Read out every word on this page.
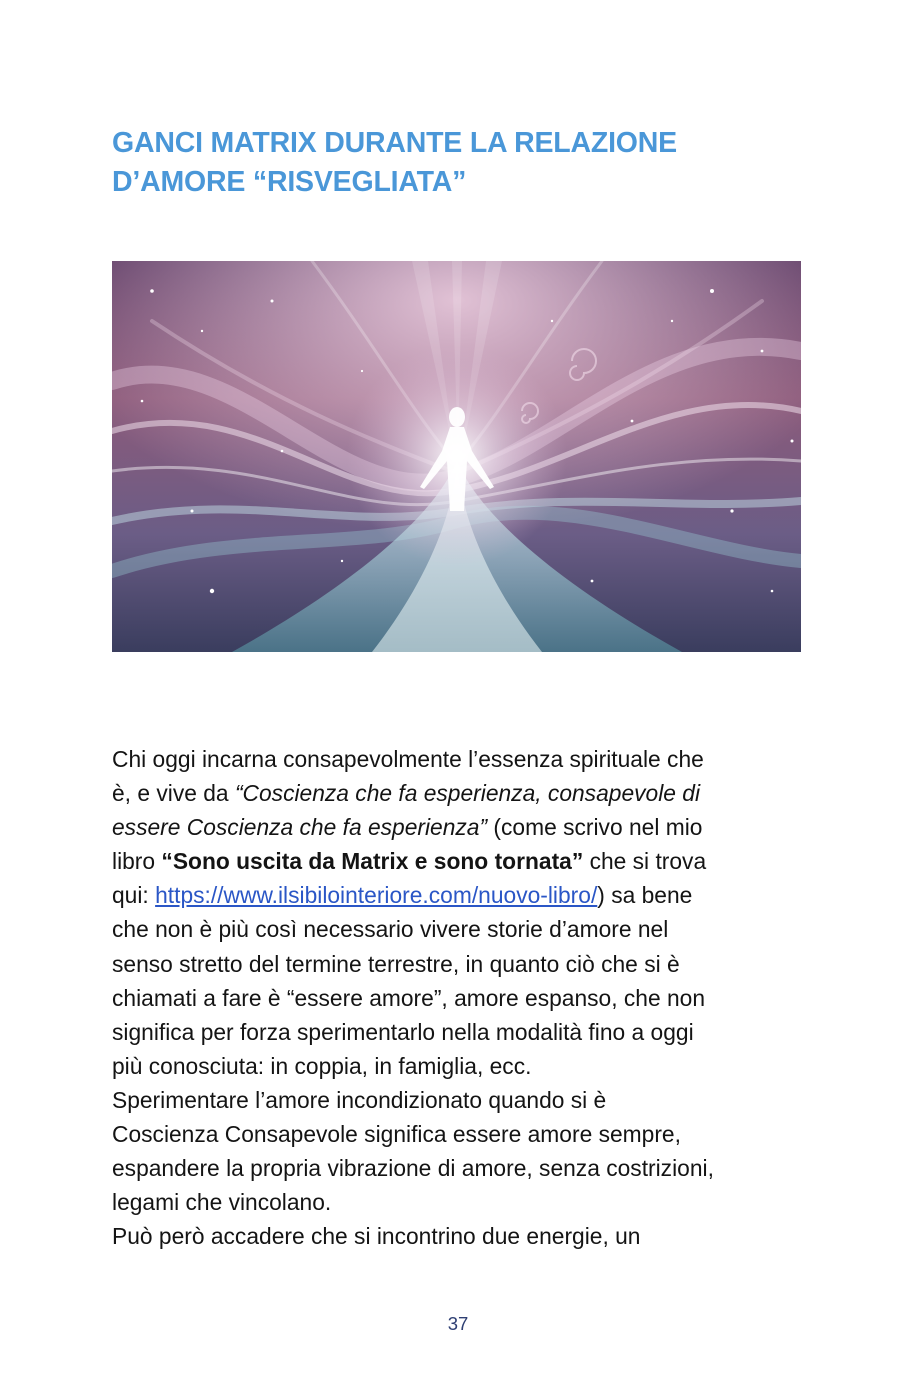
GANCI MATRIX DURANTE LA RELAZIONE
D’AMORE “RISVEGLIATA”
Chi oggi incarna consapevolmente l’essenza spirituale che
è, e vive da “Coscienza che fa esperienza, consapevole di
essere Coscienza che fa esperienza” (come scrivo nel mio
libro “Sono uscita da Matrix e sono tornata” che si trova
qui: https://www.ilsibilointeriore.com/nuovo-libro/) sa bene
che non è più così necessario vivere storie d’amore nel
senso stretto del termine terrestre, in quanto ciò che si è
chiamati a fare è “essere amore”, amore espanso, che non
significa per forza sperimentarlo nella modalità fino a oggi
più conosciuta: in coppia, in famiglia, ecc.
Sperimentare l’amore incondizionato quando si è
Coscienza Consapevole significa essere amore sempre,
espandere la propria vibrazione di amore, senza costrizioni,
legami che vincolano.
Può però accadere che si incontrino due energie, un
37
